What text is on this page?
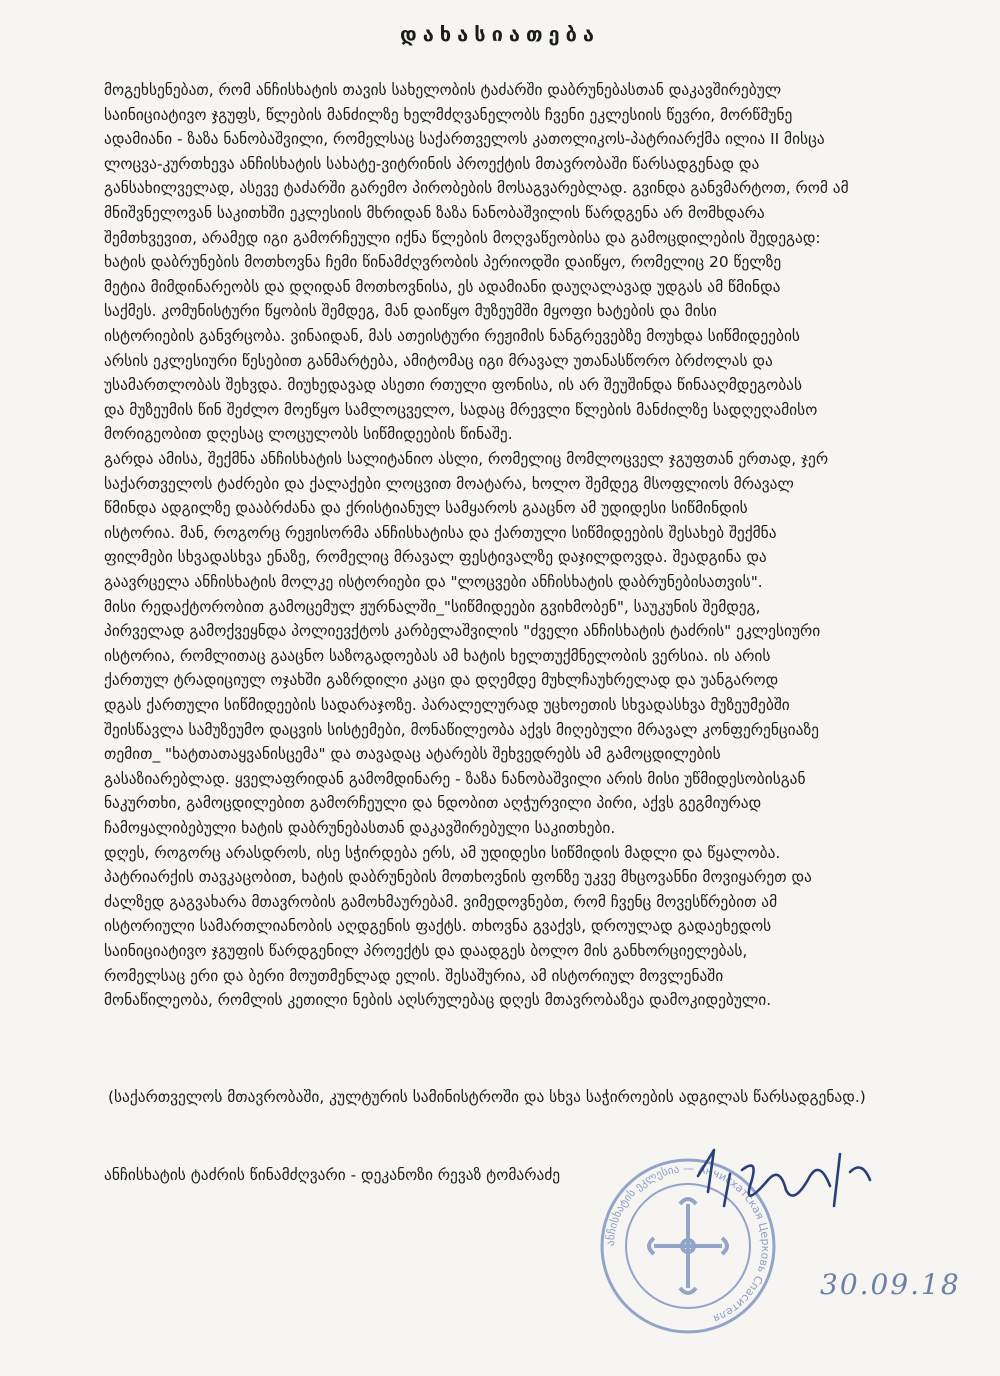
დახასიათება
მოგეხსენებათ, რომ ანჩისხატის თავის სახელობის ტაძარში დაბრუნებასთან დაკავშირებულ
საინიციატივო ჯგუფს, წლების მანძილზე ხელმძღვანელობს ჩვენი ეკლესიის წევრი, მორწმუნე
ადამიანი - ზაზა ნანობაშვილი, რომელსაც საქართველოს კათოლიკოს-პატრიარქმა ილია II მისცა
ლოცვა-კურთხევა ანჩისხატის სახატე-ვიტრინის პროექტის მთავრობაში წარსადგენად და
განსახილველად, ასევე ტაძარში გარემო პირობების მოსაგვარებლად. გვინდა განვმარტოთ, რომ ამ
მნიშვნელოვან საკითხში ეკლესიის მხრიდან ზაზა ნანობაშვილის წარდგენა არ მომხდარა
შემთხვევით, არამედ იგი გამორჩეული იქნა წლების მოღვაწეობისა და გამოცდილების შედეგად:
ხატის დაბრუნების მოთხოვნა ჩემი წინამძღვრობის პერიოდში დაიწყო, რომელიც 20 წელზე
მეტია მიმდინარეობს და დღიდან მოთხოვნისა, ეს ადამიანი დაუღალავად უდგას ამ წმინდა
საქმეს. კომუნისტური წყობის შემდეგ, მან დაიწყო მუზეუმში მყოფი ხატების და მისი
ისტორიების განვრცობა. ვინაიდან, მას ათეისტური რეჟიმის ნანგრევებზე მოუხდა სიწმიდეების
არსის ეკლესიური წესებით განმარტება, ამიტომაც იგი მრავალ უთანასწორო ბრძოლას და
უსამართლობას შეხვდა. მიუხედავად ასეთი რთული ფონისა, ის არ შეუშინდა წინააღმდეგობას
და მუზეუმის წინ შეძლო მოეწყო სამლოცველო, სადაც მრევლი წლების მანძილზე სადღეღამისო
მორიგეობით დღესაც ლოცულობს სიწმიდეების წინაშე.
გარდა ამისა, შექმნა ანჩისხატის სალიტანიო ასლი, რომელიც მომლოცველ ჯგუფთან ერთად, ჯერ
საქართველოს ტაძრები და ქალაქები ლოცვით მოატარა, ხოლო შემდეგ მსოფლიოს მრავალ
წმინდა ადგილზე დააბრძანა და ქრისტიანულ სამყაროს გააცნო ამ უდიდესი სიწმინდის
ისტორია. მან, როგორც რეჟისორმა ანჩისხატისა და ქართული სიწმიდეების შესახებ შექმნა
ფილმები სხვადასხვა ენაზე, რომელიც მრავალ ფესტივალზე დაჯილდოვდა. შეადგინა და
გაავრცელა ანჩისხატის მოლკე ისტორიები და "ლოცვები ანჩისხატის დაბრუნებისათვის".
მისი რედაქტორობით გამოცემულ ჟურნალში_"სიწმიდეები გვიხმობენ", საუკუნის შემდეგ,
პირველად გამოქვეყნდა პოლიევქტოს კარბელაშვილის "ძველი ანჩისხატის ტაძრის" ეკლესიური
ისტორია, რომლითაც გააცნო საზოგადოებას ამ ხატის ხელთუქმნელობის ვერსია. ის არის
ქართულ ტრადიციულ ოჯახში გაზრდილი კაცი და დღემდე მუხლჩაუხრელად და უანგაროდ
დგას ქართული სიწმიდეების სადარაჯოზე. პარალელურად უცხოეთის სხვადასხვა მუზეუმებში
შეისწავლა სამუზეუმო დაცვის სისტემები, მონაწილეობა აქვს მიღებული მრავალ კონფერენციაზე
თემით_ "ხატთათაყვანისცემა" და თავადაც ატარებს შეხვედრებს ამ გამოცდილების
გასაზიარებლად. ყველაფრიდან გამომდინარე - ზაზა ნანობაშვილი არის მისი უწმიდესობისგან
ნაკურთხი, გამოცდილებით გამორჩეული და ნდობით აღჭურვილი პირი, აქვს გეგმიურად
ჩამოყალიბებული ხატის დაბრუნებასთან დაკავშირებული საკითხები.
დღეს, როგორც არასდროს, ისე სჭირდება ერს, ამ უდიდესი სიწმიდის მადლი და წყალობა.
პატრიარქის თავკაცობით, ხატის დაბრუნების მოთხოვნის ფონზე უკვე მხცოვანნი მოვიყარეთ და
ძალზედ გაგვახარა მთავრობის გამოხმაურებამ. ვიმედოვნებთ, რომ ჩვენც მოვესწრებით ამ
ისტორიული სამართლიანობის აღდგენის ფაქტს. თხოვნა გვაქვს, დროულად გადაეხედოს
საინიციატივო ჯგუფის წარდგენილ პროექტს და დაადგეს ბოლო მის განხორციელებას,
რომელსაც ერი და ბერი მოუთმენლად ელის. შესაშურია, ამ ისტორიულ მოვლენაში
მონაწილეობა, რომლის კეთილი ნების აღსრულებაც დღეს მთავრობაზეა დამოკიდებული.
(საქართველოს მთავრობაში, კულტურის სამინისტროში და სხვა საჭიროების ადგილას წარსადგენად.)
ანჩისხატის ტაძრის წინამძღვარი - დეკანოზი რევაზ ტომარაძე
ანჩისხატის ეკლესია — Анчисхатская Церковь Спасителя
30.09.18
